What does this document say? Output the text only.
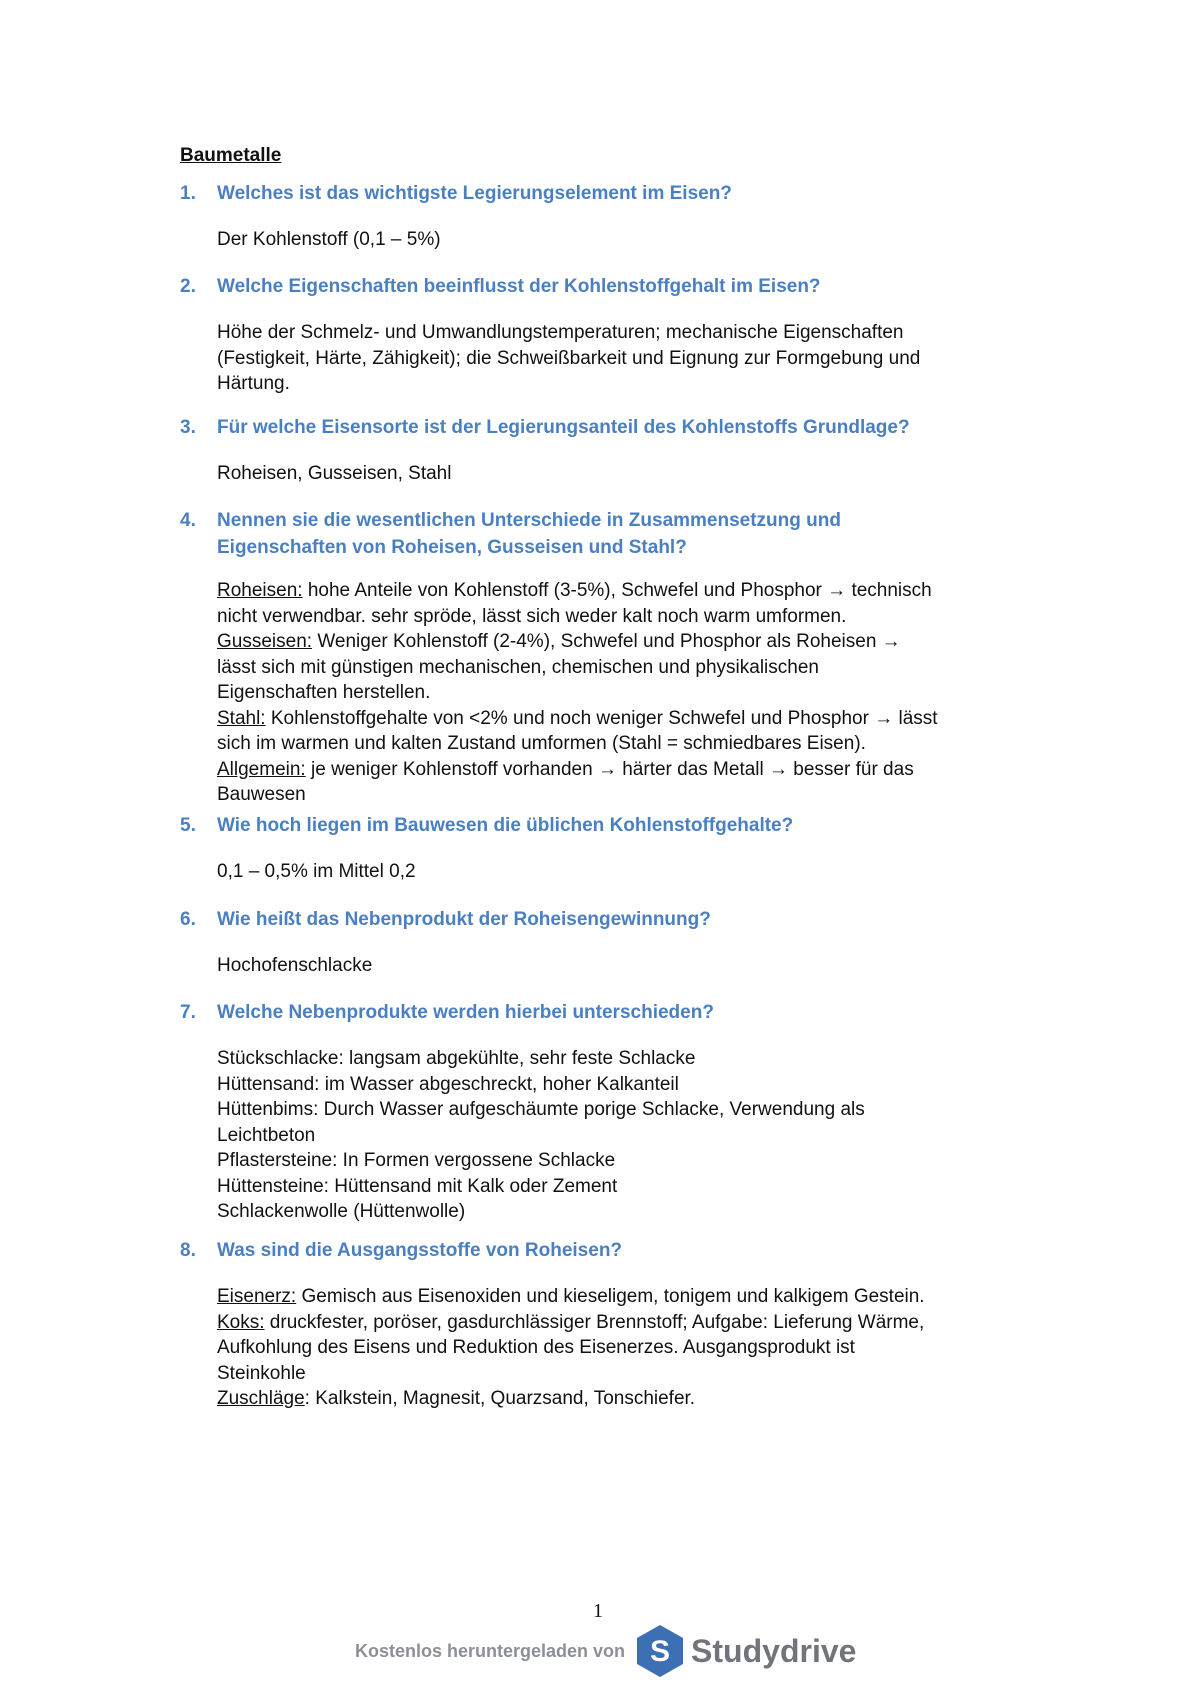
Baumetalle
1. Welches ist das wichtigste Legierungselement im Eisen?
Der Kohlenstoff (0,1 – 5%)
2. Welche Eigenschaften beeinflusst der Kohlenstoffgehalt im Eisen?
Höhe der Schmelz- und Umwandlungstemperaturen; mechanische Eigenschaften
(Festigkeit, Härte, Zähigkeit); die Schweißbarkeit und Eignung zur Formgebung und
Härtung.
3. Für welche Eisensorte ist der Legierungsanteil des Kohlenstoffs Grundlage?
Roheisen, Gusseisen, Stahl
4. Nennen sie die wesentlichen Unterschiede in Zusammensetzung und
Eigenschaften von Roheisen, Gusseisen und Stahl?
Roheisen: hohe Anteile von Kohlenstoff (3-5%), Schwefel und Phosphor → technisch
nicht verwendbar. sehr spröde, lässt sich weder kalt noch warm umformen.
Gusseisen: Weniger Kohlenstoff (2-4%), Schwefel und Phosphor als Roheisen →
lässt sich mit günstigen mechanischen, chemischen und physikalischen
Eigenschaften herstellen.
Stahl: Kohlenstoffgehalte von <2% und noch weniger Schwefel und Phosphor → lässt
sich im warmen und kalten Zustand umformen (Stahl = schmiedbares Eisen).
Allgemein: je weniger Kohlenstoff vorhanden → härter das Metall → besser für das
Bauwesen
5. Wie hoch liegen im Bauwesen die üblichen Kohlenstoffgehalte?
0,1 – 0,5% im Mittel 0,2
6. Wie heißt das Nebenprodukt der Roheisengewinnung?
Hochofenschlacke
7. Welche Nebenprodukte werden hierbei unterschieden?
Stückschlacke: langsam abgekühlte, sehr feste Schlacke
Hüttensand: im Wasser abgeschreckt, hoher Kalkanteil
Hüttenbims: Durch Wasser aufgeschäumte porige Schlacke, Verwendung als
Leichtbeton
Pflastersteine: In Formen vergossene Schlacke
Hüttensteine: Hüttensand mit Kalk oder Zement
Schlackenwolle (Hüttenwolle)
8. Was sind die Ausgangsstoffe von Roheisen?
Eisenerz: Gemisch aus Eisenoxiden und kieseligem, tonigem und kalkigem Gestein.
Koks: druckfester, poröser, gasdurchlässiger Brennstoff; Aufgabe: Lieferung Wärme,
Aufkohlung des Eisens und Reduktion des Eisenerzes. Ausgangsprodukt ist
Steinkohle
Zuschläge: Kalkstein, Magnesit, Quarzsand, Tonschiefer.
1
Kostenlos heruntergeladen von S Studydrive
